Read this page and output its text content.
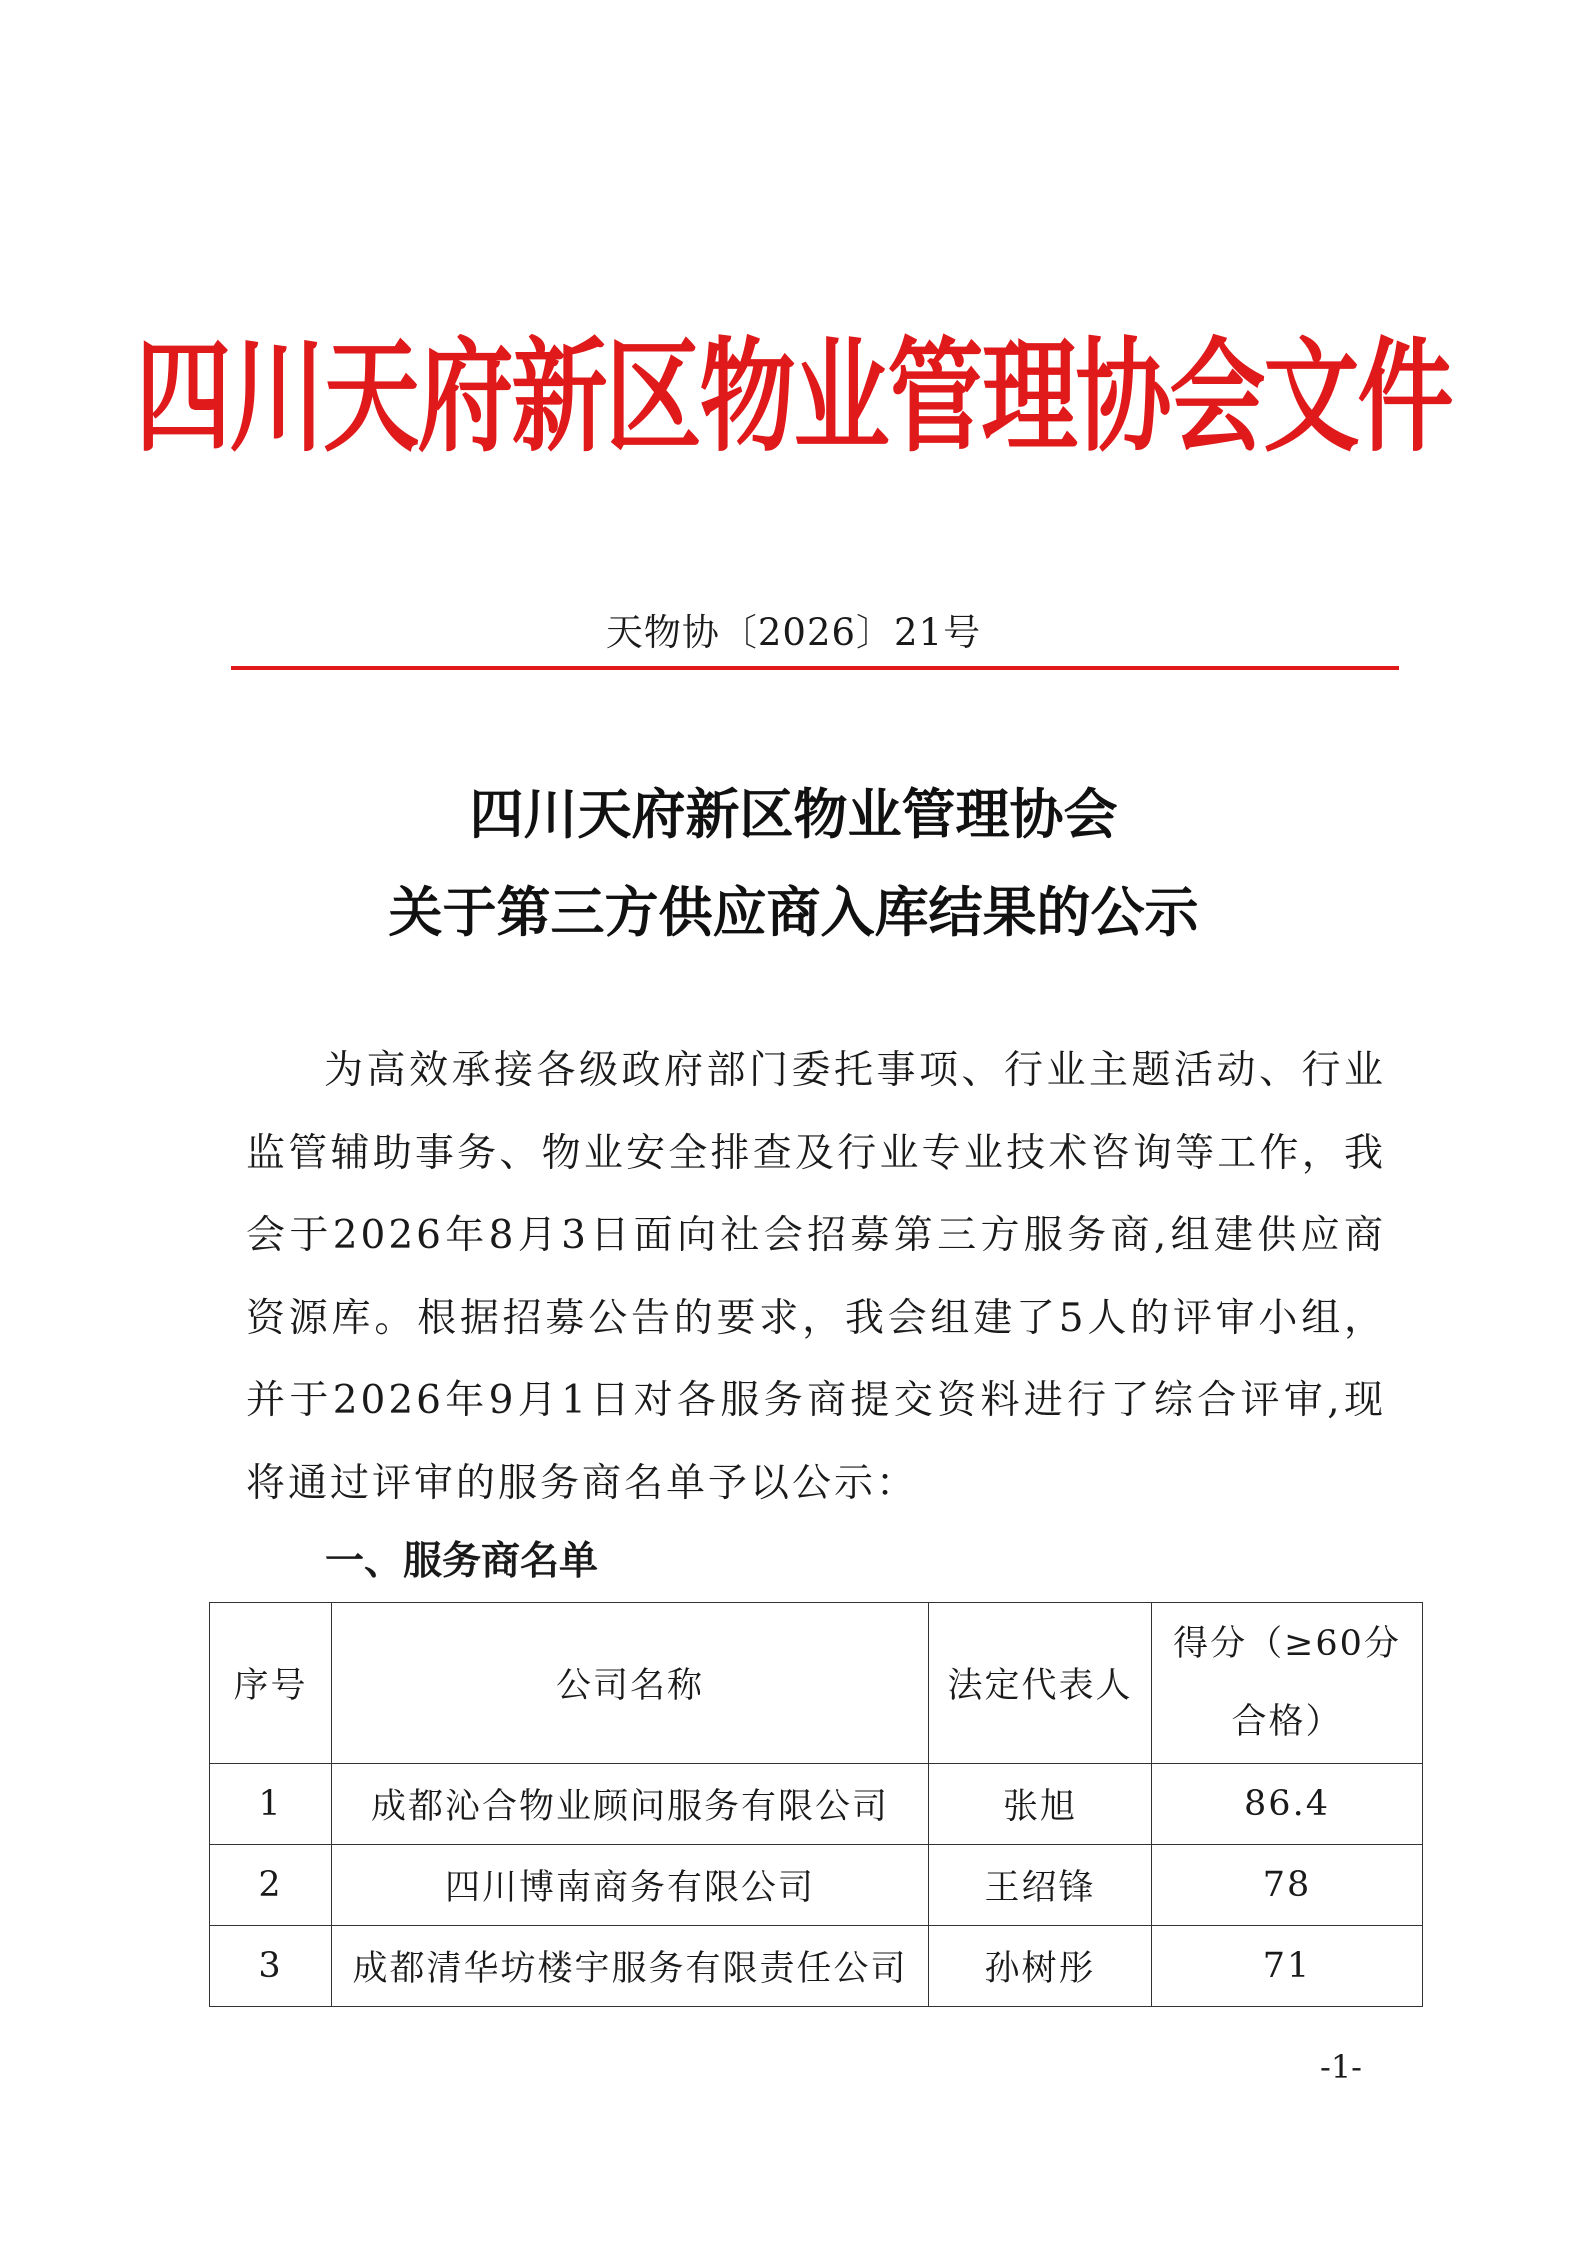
四川天府新区物业管理协会文件
天物协〔2026〕21号
四川天府新区物业管理协会
关于第三方供应商入库结果的公示
为高效承接各级政府部门委托事项、行业主题活动、行业监管辅助事务、物业安全排查及行业专业技术咨询等工作，我会于2026年8月3日面向社会招募第三方服务商,组建供应商资源库。根据招募公告的要求，我会组建了5人的评审小组，并于2026年9月1日对各服务商提交资料进行了综合评审,现将通过评审的服务商名单予以公示：
一、服务商名单
序号	公司名称	法定代表人	得分（≥60分
合格）
1	成都沁合物业顾问服务有限公司	张旭	86.4
2	四川博南商务有限公司	王绍锋	78
3	成都清华坊楼宇服务有限责任公司	孙树彤	71
-1-
